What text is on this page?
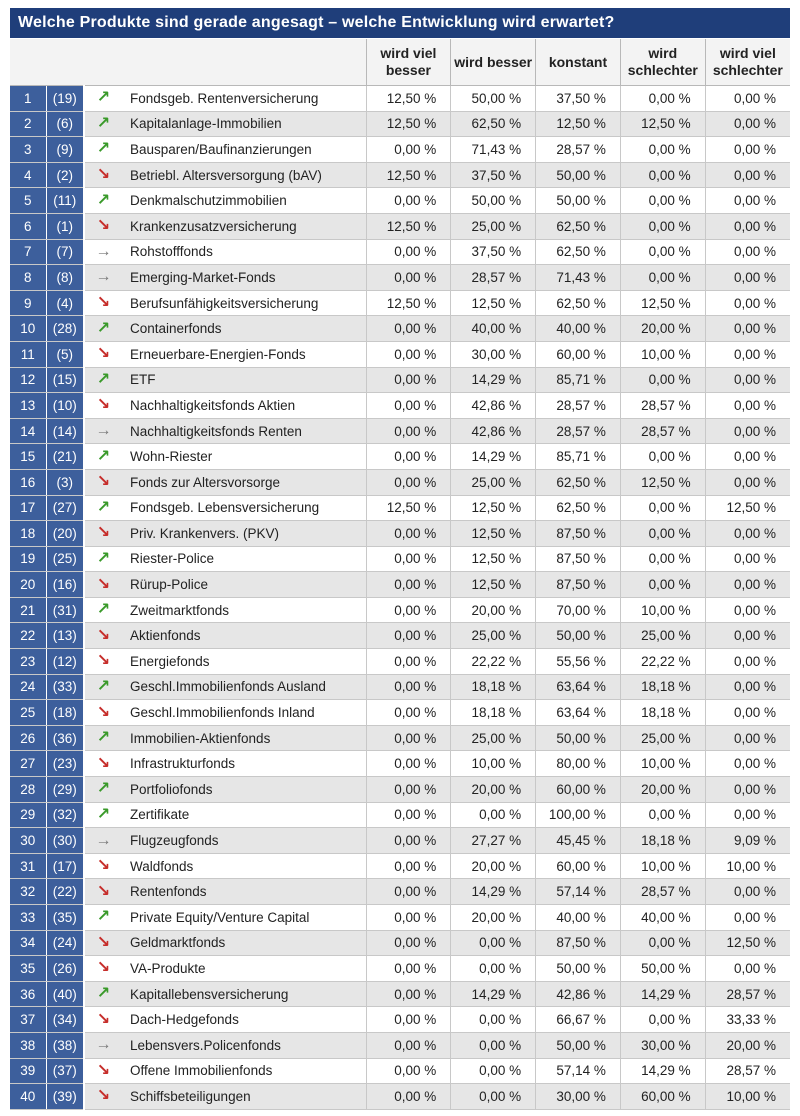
Welche Produkte sind gerade angesagt – welche Entwicklung wird erwartet?
				wird viel besser	wird besser	konstant	wird schlechter	wird viel schlechter
1	(19)	↗	Fondsgeb. Rentenversicherung	12,50 %	50,00 %	37,50 %	0,00 %	0,00 %
2	(6)	↗	Kapitalanlage-Immobilien	12,50 %	62,50 %	12,50 %	12,50 %	0,00 %
3	(9)	↗	Bausparen/Baufinanzierungen	0,00 %	71,43 %	28,57 %	0,00 %	0,00 %
4	(2)	↘	Betriebl. Altersversorgung (bAV)	12,50 %	37,50 %	50,00 %	0,00 %	0,00 %
5	(11)	↗	Denkmalschutzimmobilien	0,00 %	50,00 %	50,00 %	0,00 %	0,00 %
6	(1)	↘	Krankenzusatzversicherung	12,50 %	25,00 %	62,50 %	0,00 %	0,00 %
7	(7)	→	Rohstofffonds	0,00 %	37,50 %	62,50 %	0,00 %	0,00 %
8	(8)	→	Emerging-Market-Fonds	0,00 %	28,57 %	71,43 %	0,00 %	0,00 %
9	(4)	↘	Berufsunfähigkeitsversicherung	12,50 %	12,50 %	62,50 %	12,50 %	0,00 %
10	(28)	↗	Containerfonds	0,00 %	40,00 %	40,00 %	20,00 %	0,00 %
11	(5)	↘	Erneuerbare-Energien-Fonds	0,00 %	30,00 %	60,00 %	10,00 %	0,00 %
12	(15)	↗	ETF	0,00 %	14,29 %	85,71 %	0,00 %	0,00 %
13	(10)	↘	Nachhaltigkeitsfonds Aktien	0,00 %	42,86 %	28,57 %	28,57 %	0,00 %
14	(14)	→	Nachhaltigkeitsfonds Renten	0,00 %	42,86 %	28,57 %	28,57 %	0,00 %
15	(21)	↗	Wohn-Riester	0,00 %	14,29 %	85,71 %	0,00 %	0,00 %
16	(3)	↘	Fonds zur Altersvorsorge	0,00 %	25,00 %	62,50 %	12,50 %	0,00 %
17	(27)	↗	Fondsgeb. Lebensversicherung	12,50 %	12,50 %	62,50 %	0,00 %	12,50 %
18	(20)	↘	Priv. Krankenvers. (PKV)	0,00 %	12,50 %	87,50 %	0,00 %	0,00 %
19	(25)	↗	Riester-Police	0,00 %	12,50 %	87,50 %	0,00 %	0,00 %
20	(16)	↘	Rürup-Police	0,00 %	12,50 %	87,50 %	0,00 %	0,00 %
21	(31)	↗	Zweitmarktfonds	0,00 %	20,00 %	70,00 %	10,00 %	0,00 %
22	(13)	↘	Aktienfonds	0,00 %	25,00 %	50,00 %	25,00 %	0,00 %
23	(12)	↘	Energiefonds	0,00 %	22,22 %	55,56 %	22,22 %	0,00 %
24	(33)	↗	Geschl.Immobilienfonds Ausland	0,00 %	18,18 %	63,64 %	18,18 %	0,00 %
25	(18)	↘	Geschl.Immobilienfonds Inland	0,00 %	18,18 %	63,64 %	18,18 %	0,00 %
26	(36)	↗	Immobilien-Aktienfonds	0,00 %	25,00 %	50,00 %	25,00 %	0,00 %
27	(23)	↘	Infrastrukturfonds	0,00 %	10,00 %	80,00 %	10,00 %	0,00 %
28	(29)	↗	Portfoliofonds	0,00 %	20,00 %	60,00 %	20,00 %	0,00 %
29	(32)	↗	Zertifikate	0,00 %	0,00 %	100,00 %	0,00 %	0,00 %
30	(30)	→	Flugzeugfonds	0,00 %	27,27 %	45,45 %	18,18 %	9,09 %
31	(17)	↘	Waldfonds	0,00 %	20,00 %	60,00 %	10,00 %	10,00 %
32	(22)	↘	Rentenfonds	0,00 %	14,29 %	57,14 %	28,57 %	0,00 %
33	(35)	↗	Private Equity/Venture Capital	0,00 %	20,00 %	40,00 %	40,00 %	0,00 %
34	(24)	↘	Geldmarktfonds	0,00 %	0,00 %	87,50 %	0,00 %	12,50 %
35	(26)	↘	VA-Produkte	0,00 %	0,00 %	50,00 %	50,00 %	0,00 %
36	(40)	↗	Kapitallebensversicherung	0,00 %	14,29 %	42,86 %	14,29 %	28,57 %
37	(34)	↘	Dach-Hedgefonds	0,00 %	0,00 %	66,67 %	0,00 %	33,33 %
38	(38)	→	Lebensvers.Policenfonds	0,00 %	0,00 %	50,00 %	30,00 %	20,00 %
39	(37)	↘	Offene Immobilienfonds	0,00 %	0,00 %	57,14 %	14,29 %	28,57 %
40	(39)	↘	Schiffsbeteiligungen	0,00 %	0,00 %	30,00 %	60,00 %	10,00 %
